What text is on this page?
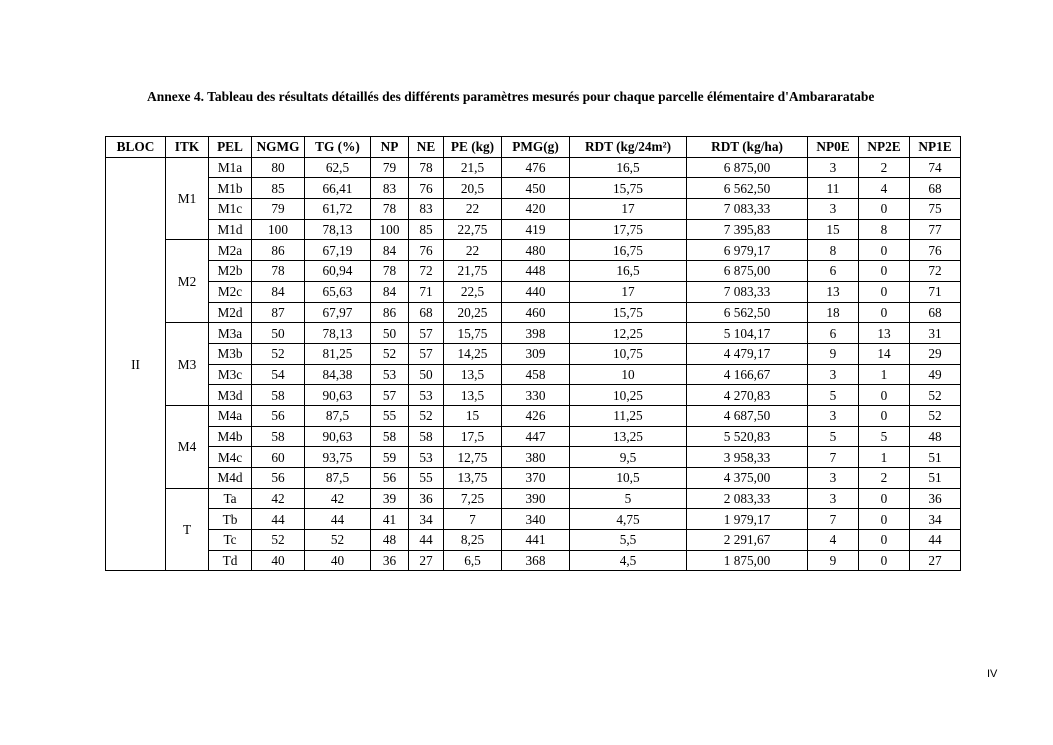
Annexe 4. Tableau des résultats détaillés des différents paramètres mesurés pour chaque parcelle élémentaire d'Ambararatabe
BLOC	ITK	PEL	NGMG	TG (%)	NP	NE	PE (kg)	PMG(g)	RDT (kg/24m²)	RDT (kg/ha)	NP0E	NP2E	NP1E
II	M1	M1a	80	62,5	79	78	21,5	476	16,5	6 875,00	3	2	74
		M1b	85	66,41	83	76	20,5	450	15,75	6 562,50	11	4	68
		M1c	79	61,72	78	83	22	420	17	7 083,33	3	0	75
		M1d	100	78,13	100	85	22,75	419	17,75	7 395,83	15	8	77
	M2	M2a	86	67,19	84	76	22	480	16,75	6 979,17	8	0	76
		M2b	78	60,94	78	72	21,75	448	16,5	6 875,00	6	0	72
		M2c	84	65,63	84	71	22,5	440	17	7 083,33	13	0	71
		M2d	87	67,97	86	68	20,25	460	15,75	6 562,50	18	0	68
	M3	M3a	50	78,13	50	57	15,75	398	12,25	5 104,17	6	13	31
		M3b	52	81,25	52	57	14,25	309	10,75	4 479,17	9	14	29
		M3c	54	84,38	53	50	13,5	458	10	4 166,67	3	1	49
		M3d	58	90,63	57	53	13,5	330	10,25	4 270,83	5	0	52
	M4	M4a	56	87,5	55	52	15	426	11,25	4 687,50	3	0	52
		M4b	58	90,63	58	58	17,5	447	13,25	5 520,83	5	5	48
		M4c	60	93,75	59	53	12,75	380	9,5	3 958,33	7	1	51
		M4d	56	87,5	56	55	13,75	370	10,5	4 375,00	3	2	51
	T	Ta	42	42	39	36	7,25	390	5	2 083,33	3	0	36
		Tb	44	44	41	34	7	340	4,75	1 979,17	7	0	34
		Tc	52	52	48	44	8,25	441	5,5	2 291,67	4	0	44
		Td	40	40	36	27	6,5	368	4,5	1 875,00	9	0	27
IV
